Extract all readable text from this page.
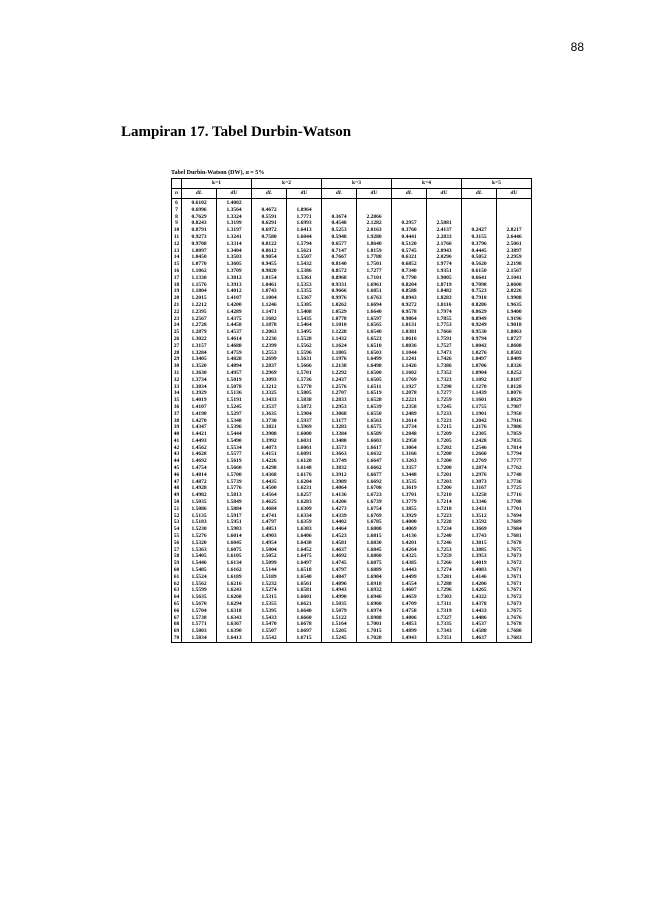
88
Lampiran 17. Tabel Durbin-Watson
Tabel Durbin-Watson (DW), α = 5%
	k=1		k=2		k=3		k=4		k=5	
n	dL	dU	dL	dU	dL	dU	dL	dU	dL	dU
6	0.6102	1.4002								
7	0.6996	1.3564	0.4672	1.8964						
8	0.7629	1.3324	0.5591	1.7771	0.3674	2.2866				
9	0.8243	1.3199	0.6291	1.6993	0.4548	2.1282	0.2957	2.5881		
10	0.8791	1.3197	0.6972	1.6413	0.5253	2.0163	0.3760	2.4137	0.2427	2.8217
11	0.9273	1.3241	0.7580	1.6044	0.5948	1.9280	0.4441	2.2833	0.3155	2.6446
12	0.9708	1.3314	0.8122	1.5794	0.6577	1.8640	0.5120	2.1766	0.3796	2.5061
13	1.0097	1.3404	0.8612	1.5621	0.7147	1.8159	0.5745	2.0943	0.4445	2.3897
14	1.0450	1.3503	0.9054	1.5507	0.7667	1.7788	0.6321	2.0296	0.5052	2.2959
15	1.0770	1.3605	0.9455	1.5432	0.8140	1.7501	0.6852	1.9774	0.5620	2.2198
16	1.1062	1.3709	0.9820	1.5386	0.8572	1.7277	0.7340	1.9351	0.6150	2.1567
17	1.1330	1.3812	1.0154	1.5361	0.8968	1.7101	0.7790	1.9005	0.6641	2.1041
18	1.1576	1.3913	1.0461	1.5353	0.9331	1.6961	0.8204	1.8719	0.7098	2.0600
19	1.1804	1.4012	1.0743	1.5355	0.9666	1.6851	0.8588	1.8482	0.7523	2.0226
20	1.2015	1.4107	1.1004	1.5367	0.9976	1.6763	0.8943	1.8283	0.7918	1.9908
21	1.2212	1.4200	1.1246	1.5385	1.0262	1.6694	0.9272	1.8116	0.8286	1.9635
22	1.2395	1.4289	1.1471	1.5408	1.0529	1.6640	0.9578	1.7974	0.8629	1.9400
23	1.2567	1.4375	1.1682	1.5435	1.0778	1.6597	0.9864	1.7855	0.8949	1.9196
24	1.2728	1.4458	1.1878	1.5464	1.1010	1.6565	1.0131	1.7753	0.9249	1.9018
25	1.2879	1.4537	1.2063	1.5495	1.1228	1.6540	1.0381	1.7666	0.9530	1.8863
26	1.3022	1.4614	1.2236	1.5528	1.1432	1.6523	1.0616	1.7591	0.9794	1.8727
27	1.3157	1.4688	1.2399	1.5562	1.1624	1.6510	1.0836	1.7527	1.0042	1.8608
28	1.3284	1.4759	1.2553	1.5596	1.1805	1.6503	1.1044	1.7473	1.0276	1.8502
29	1.3405	1.4828	1.2699	1.5631	1.1976	1.6499	1.1241	1.7426	1.0497	1.8409
30	1.3520	1.4894	1.2837	1.5666	1.2138	1.6498	1.1426	1.7386	1.0706	1.8326
31	1.3630	1.4957	1.2969	1.5701	1.2292	1.6500	1.1602	1.7352	1.0904	1.8252
32	1.3734	1.5019	1.3093	1.5736	1.2437	1.6505	1.1769	1.7323	1.1092	1.8187
33	1.3834	1.5078	1.3212	1.5770	1.2576	1.6511	1.1927	1.7298	1.1270	1.8128
34	1.3929	1.5136	1.3325	1.5805	1.2707	1.6519	1.2078	1.7277	1.1439	1.8076
35	1.4019	1.5191	1.3433	1.5838	1.2833	1.6528	1.2221	1.7259	1.1601	1.8029
36	1.4107	1.5245	1.3537	1.5872	1.2953	1.6539	1.2358	1.7245	1.1755	1.7987
37	1.4190	1.5297	1.3635	1.5904	1.3068	1.6550	1.2489	1.7233	1.1901	1.7950
38	1.4270	1.5348	1.3730	1.5937	1.3177	1.6563	1.2614	1.7223	1.2042	1.7916
39	1.4347	1.5396	1.3821	1.5969	1.3283	1.6575	1.2734	1.7215	1.2176	1.7886
40	1.4421	1.5444	1.3908	1.6000	1.3384	1.6589	1.2848	1.7209	1.2305	1.7859
41	1.4493	1.5490	1.3992	1.6031	1.3480	1.6603	1.2958	1.7205	1.2428	1.7835
42	1.4562	1.5534	1.4073	1.6061	1.3573	1.6617	1.3064	1.7202	1.2546	1.7814
43	1.4628	1.5577	1.4151	1.6091	1.3663	1.6632	1.3166	1.7200	1.2660	1.7794
44	1.4692	1.5619	1.4226	1.6120	1.3749	1.6647	1.3263	1.7200	1.2769	1.7777
45	1.4754	1.5660	1.4298	1.6148	1.3832	1.6662	1.3357	1.7200	1.2874	1.7762
46	1.4814	1.5700	1.4368	1.6176	1.3912	1.6677	1.3448	1.7201	1.2976	1.7748
47	1.4872	1.5739	1.4435	1.6204	1.3989	1.6692	1.3535	1.7203	1.3073	1.7736
48	1.4928	1.5776	1.4500	1.6231	1.4064	1.6708	1.3619	1.7206	1.3167	1.7725
49	1.4982	1.5813	1.4564	1.6257	1.4136	1.6723	1.3701	1.7210	1.3258	1.7716
50	1.5035	1.5849	1.4625	1.6283	1.4206	1.6739	1.3779	1.7214	1.3346	1.7708
51	1.5086	1.5884	1.4684	1.6309	1.4273	1.6754	1.3855	1.7218	1.3431	1.7701
52	1.5135	1.5917	1.4741	1.6334	1.4339	1.6769	1.3929	1.7223	1.3512	1.7694
53	1.5183	1.5951	1.4797	1.6359	1.4402	1.6785	1.4000	1.7228	1.3592	1.7689
54	1.5230	1.5983	1.4851	1.6383	1.4464	1.6800	1.4069	1.7234	1.3669	1.7684
55	1.5276	1.6014	1.4903	1.6406	1.4523	1.6815	1.4136	1.7240	1.3743	1.7681
56	1.5320	1.6045	1.4954	1.6430	1.4581	1.6830	1.4201	1.7246	1.3815	1.7678
57	1.5363	1.6075	1.5004	1.6452	1.4637	1.6845	1.4264	1.7253	1.3885	1.7675
58	1.5405	1.6105	1.5052	1.6475	1.4692	1.6860	1.4325	1.7259	1.3953	1.7673
59	1.5446	1.6134	1.5099	1.6497	1.4745	1.6875	1.4385	1.7266	1.4019	1.7672
60	1.5485	1.6162	1.5144	1.6518	1.4797	1.6889	1.4443	1.7274	1.4083	1.7671
61	1.5524	1.6189	1.5189	1.6540	1.4847	1.6904	1.4499	1.7281	1.4146	1.7671
62	1.5562	1.6216	1.5232	1.6561	1.4896	1.6918	1.4554	1.7288	1.4206	1.7671
63	1.5599	1.6243	1.5274	1.6581	1.4943	1.6932	1.4607	1.7296	1.4265	1.7671
64	1.5635	1.6268	1.5315	1.6601	1.4990	1.6946	1.4659	1.7303	1.4322	1.7672
65	1.5670	1.6294	1.5355	1.6621	1.5035	1.6960	1.4709	1.7311	1.4378	1.7673
66	1.5704	1.6318	1.5395	1.6640	1.5079	1.6974	1.4758	1.7319	1.4433	1.7675
67	1.5738	1.6343	1.5433	1.6660	1.5122	1.6988	1.4806	1.7327	1.4486	1.7676
68	1.5771	1.6367	1.5470	1.6678	1.5164	1.7001	1.4853	1.7335	1.4537	1.7678
69	1.5803	1.6390	1.5507	1.6697	1.5205	1.7015	1.4899	1.7343	1.4588	1.7680
70	1.5834	1.6413	1.5542	1.6715	1.5245	1.7028	1.4943	1.7351	1.4637	1.7683
